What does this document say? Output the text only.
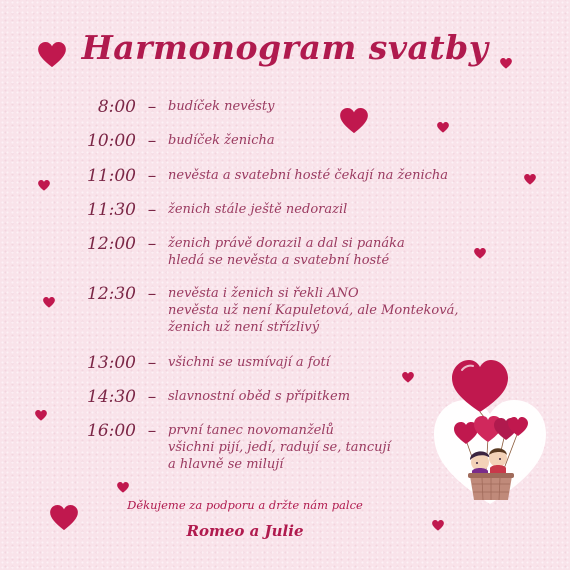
Harmonogram svatby
8:00 – budíček nevěsty
10:00 – budíček ženicha
11:00 – nevěsta a svatební hosté čekají na ženicha
11:30 – ženich stále ještě nedorazil
12:00 – ženich právě dorazil a dal si panáka
hledá se nevěsta a svatební hosté
12:30 – nevěsta i ženich si řekli ANO
nevěsta už není Kapuletová, ale Monteková,
ženich už není střízlivý
13:00 – všichni se usmívají a fotí
14:30 – slavnostní oběd s přípitkem
16:00 – první tanec novomanželů
všichni pijí, jedí, radují se, tancují
a hlavně se milují
Děkujeme za podporu a držte nám palce
Romeo a Julie
